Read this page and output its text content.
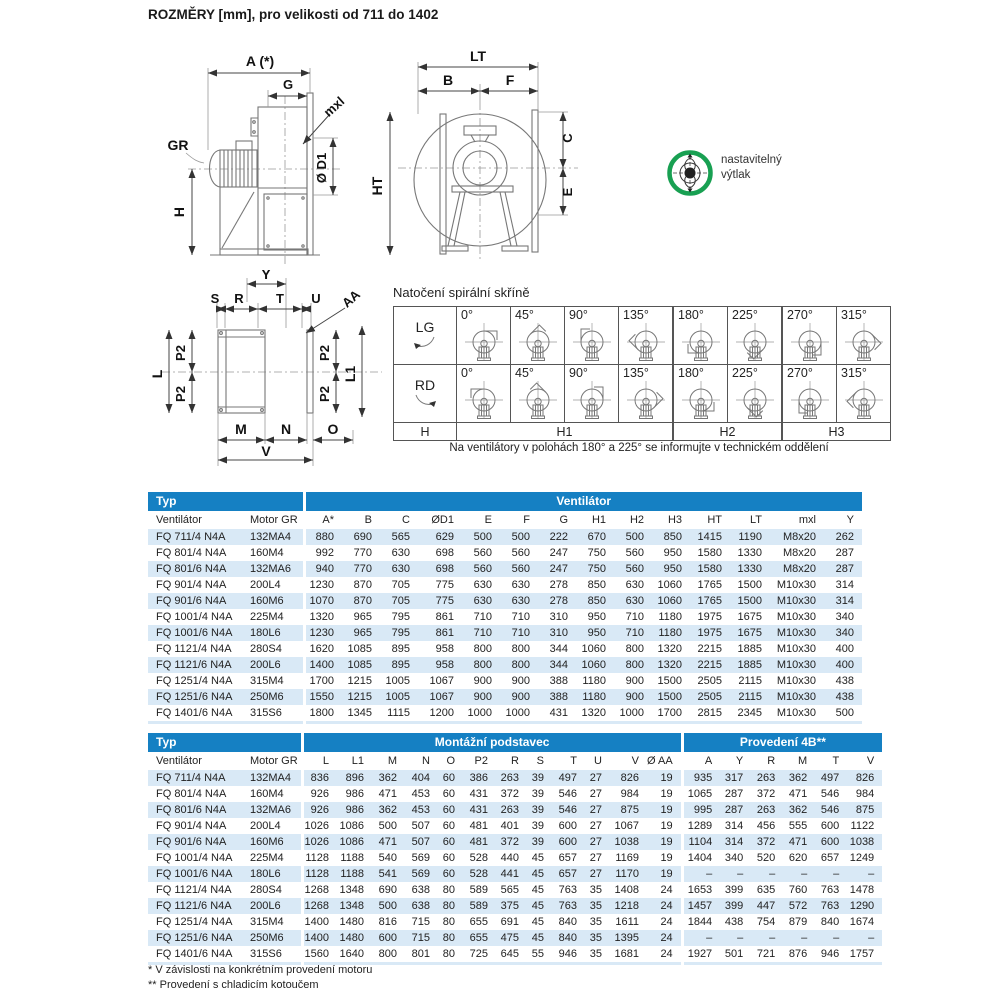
ROZMĚRY [mm], pro velikosti od 711 do 1402
A (*)
G
mxl
GR
Ø D1
H
LT
B	F
HT
C
E
Y
S R T U AA
L
P2
P2
P2
P2
L1
M N	O
V
nastavitelný
výtlak
Natočení spirální skříně
LG	0°	45°	90°	135°	180°	225°	270°	315°

RD	0°	45°	90°	135°	180°	225°	270°	315°

H	H1				H2		H3	
Na ventilátory v polohách 180° a 225° se informujte v technickém oddělení
Typ		Ventilátor													
Ventilátor	Motor GR	A*	B	C	ØD1	E	F	G	H1	H2	H3	HT	LT	mxl	Y
FQ 711/4 N4A	132MA4	880	690	565	629	500	500	222	670	500	850	1415	1190	M8x20	262
FQ 801/4 N4A	160M4	992	770	630	698	560	560	247	750	560	950	1580	1330	M8x20	287
FQ 801/6 N4A	132MA6	940	770	630	698	560	560	247	750	560	950	1580	1330	M8x20	287
FQ 901/4 N4A	200L4	1230	870	705	775	630	630	278	850	630	1060	1765	1500	M10x30	314
FQ 901/6 N4A	160M6	1070	870	705	775	630	630	278	850	630	1060	1765	1500	M10x30	314
FQ 1001/4 N4A	225M4	1320	965	795	861	710	710	310	950	710	1180	1975	1675	M10x30	340
FQ 1001/6 N4A	180L6	1230	965	795	861	710	710	310	950	710	1180	1975	1675	M10x30	340
FQ 1121/4 N4A	280S4	1620	1085	895	958	800	800	344	1060	800	1320	2215	1885	M10x30	400
FQ 1121/6 N4A	200L6	1400	1085	895	958	800	800	344	1060	800	1320	2215	1885	M10x30	400
FQ 1251/4 N4A	315M4	1700	1215	1005	1067	900	900	388	1180	900	1500	2505	2115	M10x30	438
FQ 1251/6 N4A	250M6	1550	1215	1005	1067	900	900	388	1180	900	1500	2505	2115	M10x30	438
FQ 1401/6 N4A	315S6	1800	1345	1115	1200	1000	1000	431	1320	1000	1700	2815	2345	M10x30	500
Typ		Montážní podstavec												Provedení 4B**					
Ventilátor	Motor GR	L	L1	M	N	O	P2	R	S	T	U	V	Ø AA	A	Y	R	M	T	V
FQ 711/4 N4A	132MA4	836	896	362	404	60	386	263	39	497	27	826	19	935	317	263	362	497	826
FQ 801/4 N4A	160M4	926	986	471	453	60	431	372	39	546	27	984	19	1065	287	372	471	546	984
FQ 801/6 N4A	132MA6	926	986	362	453	60	431	263	39	546	27	875	19	995	287	263	362	546	875
FQ 901/4 N4A	200L4	1026	1086	500	507	60	481	401	39	600	27	1067	19	1289	314	456	555	600	1122
FQ 901/6 N4A	160M6	1026	1086	471	507	60	481	372	39	600	27	1038	19	1104	314	372	471	600	1038
FQ 1001/4 N4A	225M4	1128	1188	540	569	60	528	440	45	657	27	1169	19	1404	340	520	620	657	1249
FQ 1001/6 N4A	180L6	1128	1188	541	569	60	528	441	45	657	27	1170	19	–	–	–	–	–	–
FQ 1121/4 N4A	280S4	1268	1348	690	638	80	589	565	45	763	35	1408	24	1653	399	635	760	763	1478
FQ 1121/6 N4A	200L6	1268	1348	500	638	80	589	375	45	763	35	1218	24	1457	399	447	572	763	1290
FQ 1251/4 N4A	315M4	1400	1480	816	715	80	655	691	45	840	35	1611	24	1844	438	754	879	840	1674
FQ 1251/6 N4A	250M6	1400	1480	600	715	80	655	475	45	840	35	1395	24	–	–	–	–	–	–
FQ 1401/6 N4A	315S6	1560	1640	800	801	80	725	645	55	946	35	1681	24	1927	501	721	876	946	1757
* V závislosti na konkrétním provedení motoru
** Provedení s chladicím kotoučem
